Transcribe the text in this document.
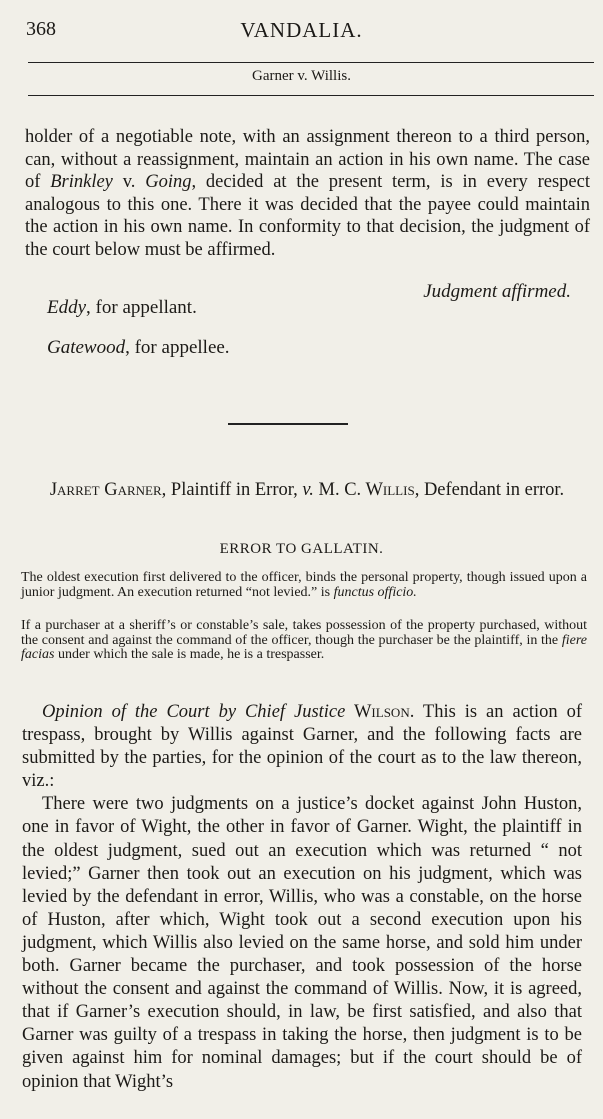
368	VANDALIA.
Garner v. Willis.
holder of a negotiable note, with an assignment thereon to a third person, can, without a reassignment, maintain an action in his own name. The case of Brinkley v. Going, decided at the present term, is in every respect analogous to this one. There it was decided that the payee could maintain the action in his own name. In conformity to that decision, the judgment of the court below must be affirmed.
Judgment affirmed.
Eddy, for appellant.
Gatewood, for appellee.
Jarret Garner, Plaintiff in Error, v. M. C. Willis, Defendant in error.
ERROR TO GALLATIN.

The oldest execution first delivered to the officer, binds the personal property, though issued upon a junior judgment. An execution returned “not levied.” is functus officio.

If a purchaser at a sheriff’s or constable’s sale, takes possession of the property purchased, without the consent and against the command of the officer, though the purchaser be the plaintiff, in the fiere facias under which the sale is made, he is a trespasser.

Opinion of the Court by Chief Justice Wilson. This is an action of trespass, brought by Willis against Garner, and the following facts are submitted by the parties, for the opinion of the court as to the law thereon, viz.:

There were two judgments on a justice’s docket against John Huston, one in favor of Wight, the other in favor of Garner. Wight, the plaintiff in the oldest judgment, sued out an execution which was returned “ not levied;” Garner then took out an execution on his judgment, which was levied by the defendant in error, Willis, who was a constable, on the horse of Huston, after which, Wight took out a second execution upon his judgment, which Willis also levied on the same horse, and sold him under both. Garner became the purchaser, and took possession of the horse without the consent and against the command of Willis. Now, it is agreed, that if Garner’s execution should, in law, be first satisfied, and also that Garner was guilty of a trespass in taking the horse, then judgment is to be given against him for nominal damages; but if the court should be of opinion that Wight’s
